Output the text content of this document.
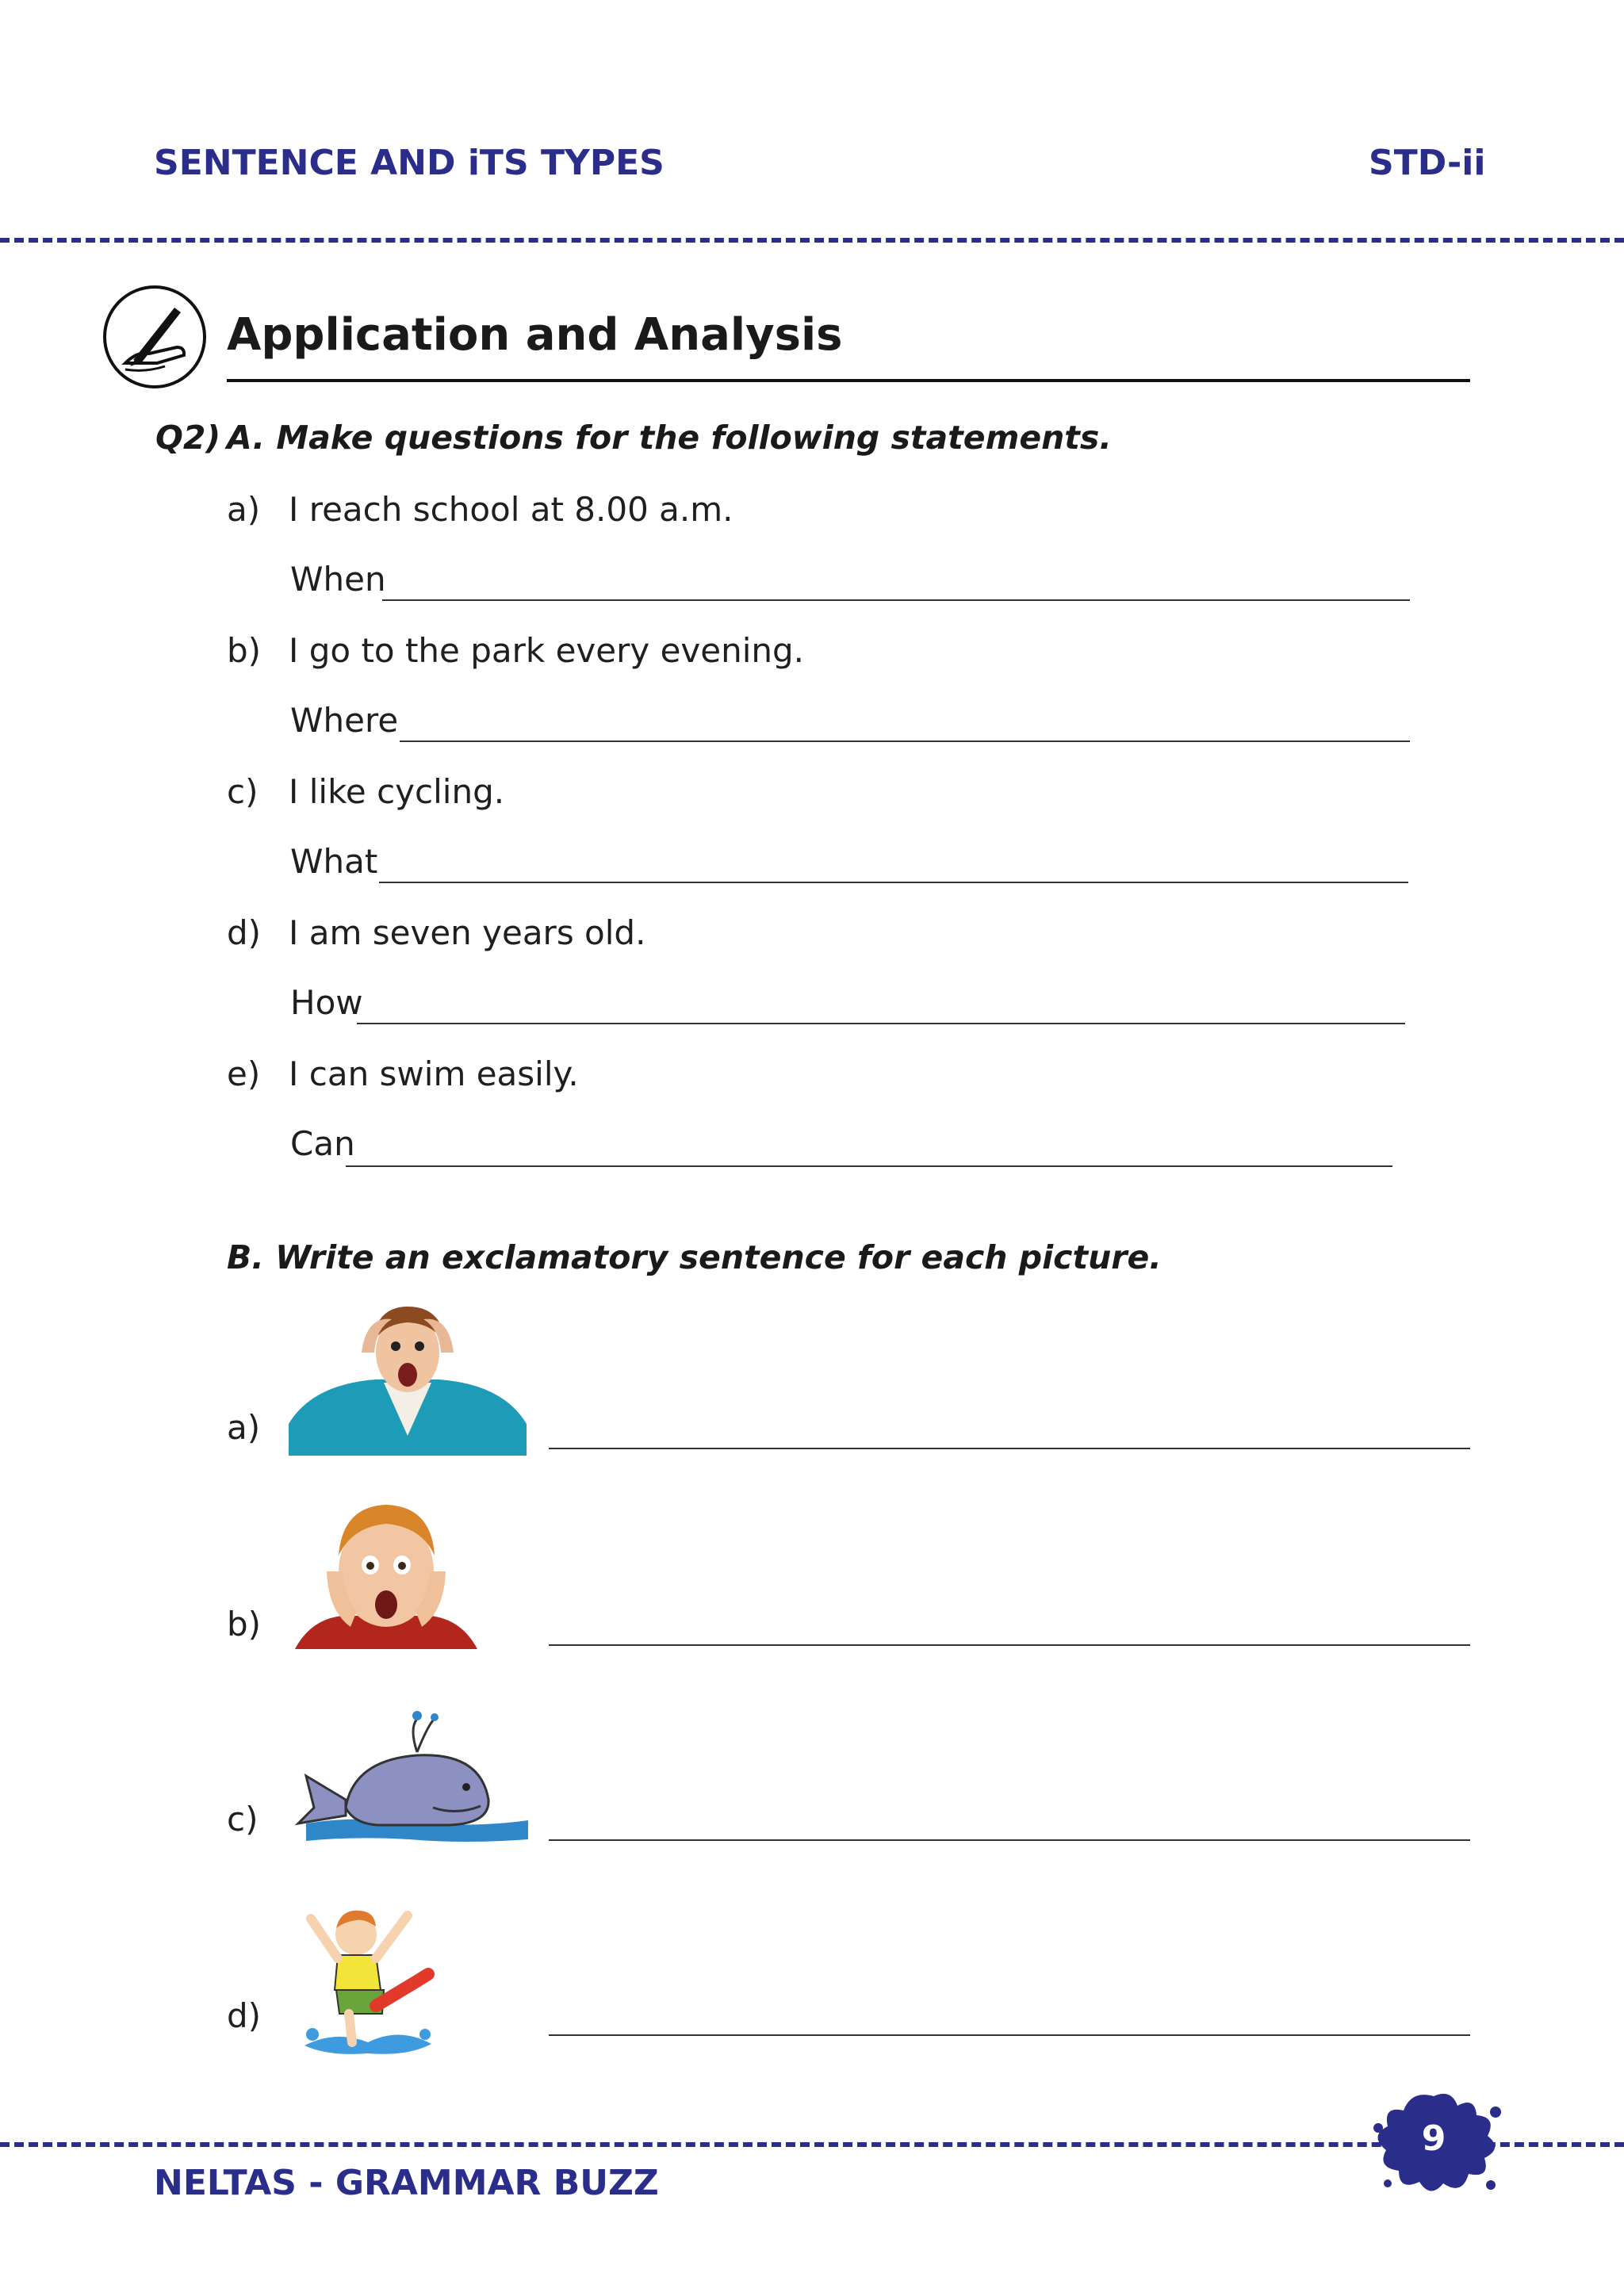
SENTENCE AND iTS TYPES	STD-ii
Application and Analysis
Q2) A. Make questions for the following statements.
a) I reach school at 8.00 a.m.
When
b) I go to the park every evening.
Where
c) I like cycling.
What
d) I am seven years old.
How
e) I can swim easily.
Can
B. Write an exclamatory sentence for each picture.
a)
b)
c)
d)
NELTAS - GRAMMAR BUZZ
9
